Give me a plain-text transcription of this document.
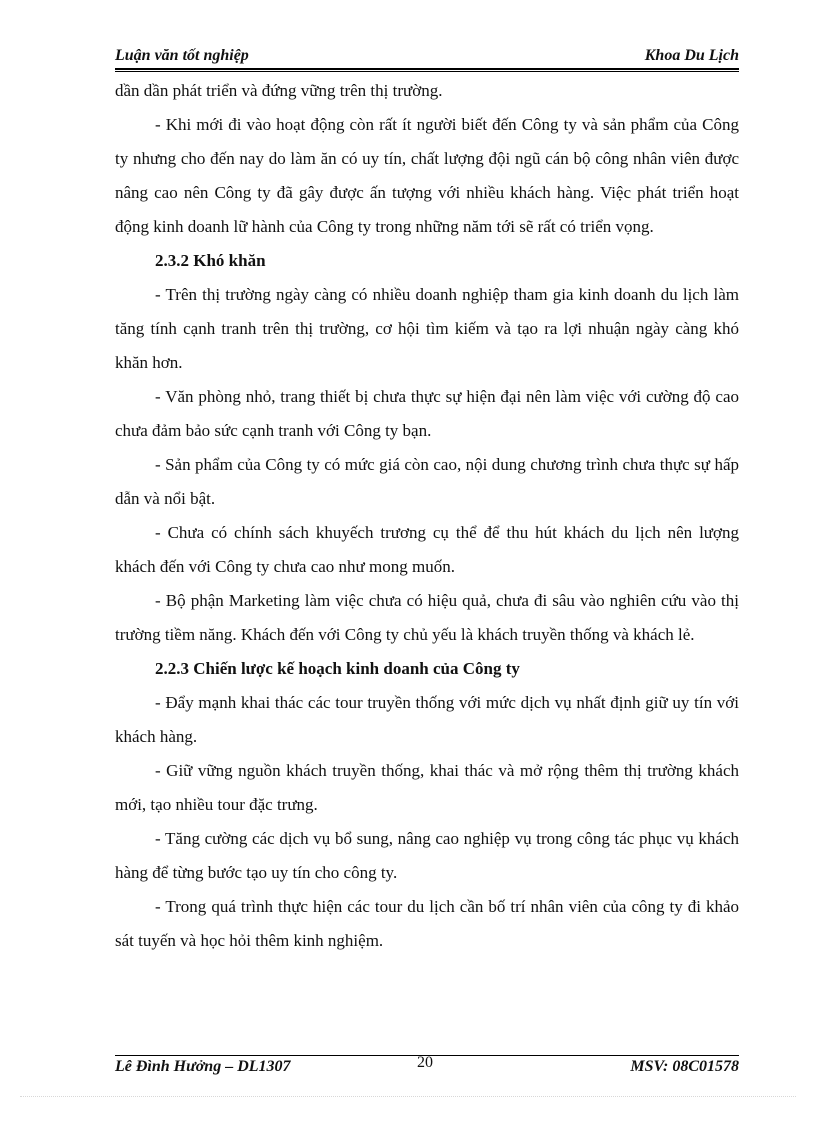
Luận văn tốt nghiệp	Khoa Du Lịch

dần dần phát triển và đứng vững trên thị trường.

- Khi mới đi vào hoạt động còn rất ít người biết đến Công ty và sản phẩm của Công ty nhưng cho đến nay do làm ăn có uy tín, chất lượng đội ngũ cán bộ công nhân viên được nâng cao nên Công ty đã gây được ấn tượng với nhiều khách hàng. Việc phát triển hoạt động kinh doanh lữ hành của Công ty trong những năm tới sẽ rất có triển vọng.

2.3.2 Khó khăn

- Trên thị trường ngày càng có nhiều doanh nghiệp tham gia kinh doanh du lịch làm tăng tính cạnh tranh trên thị trường, cơ hội tìm kiếm và tạo ra lợi nhuận ngày càng khó khăn hơn.

- Văn phòng nhỏ, trang thiết bị chưa thực sự hiện đại nên làm việc với cường độ cao chưa đảm bảo sức cạnh tranh với Công ty bạn.

- Sản phẩm của Công ty có mức giá còn cao, nội dung chương trình chưa thực sự hấp dẫn và nổi bật.

- Chưa có chính sách khuyếch trương cụ thể để thu hút khách du lịch nên lượng khách đến với Công ty chưa cao như mong muốn.

- Bộ phận Marketing làm việc chưa có hiệu quả, chưa đi sâu vào nghiên cứu vào thị trường tiềm năng. Khách đến với Công ty chủ yếu là khách truyền thống và khách lẻ.

2.2.3 Chiến lược kế hoạch kinh doanh của Công ty

- Đẩy mạnh khai thác các tour truyền thống với mức dịch vụ nhất định giữ uy tín với khách hàng.

- Giữ vững nguồn khách truyền thống, khai thác và mở rộng thêm thị trường khách mới, tạo nhiều tour đặc trưng.

- Tăng cường các dịch vụ bổ sung, nâng cao nghiệp vụ trong công tác phục vụ khách hàng để từng bước tạo uy tín cho công ty.

- Trong quá trình thực hiện các tour du lịch cần bố trí nhân viên của công ty đi khảo sát tuyến và học hỏi thêm kinh nghiệm.

Lê Đình Hưởng – DL1307	20	MSV: 08C01578
